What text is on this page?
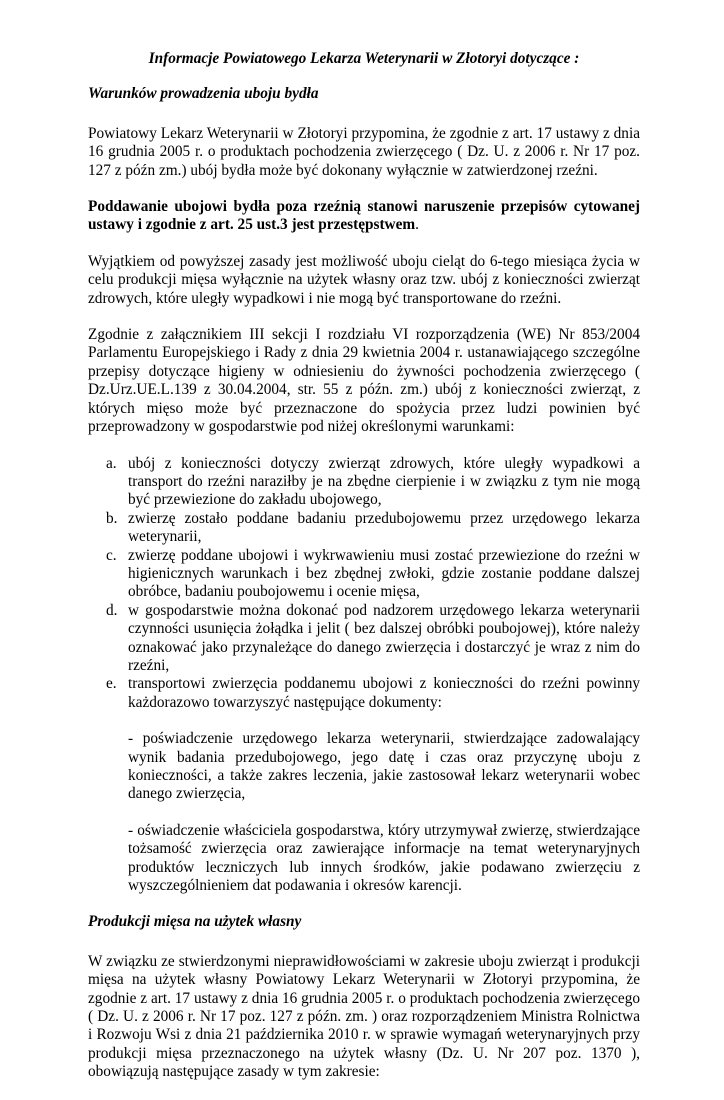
Informacje Powiatowego Lekarza Weterynarii w Złotoryi dotyczące :
Warunków prowadzenia uboju bydła

Powiatowy Lekarz Weterynarii w Złotoryi przypomina, że zgodnie z art. 17 ustawy z dnia 16 grudnia 2005 r. o produktach pochodzenia zwierzęcego ( Dz. U. z 2006 r. Nr 17 poz. 127 z późn zm.) ubój bydła może być dokonany wyłącznie w zatwierdzonej rzeźni.

Poddawanie ubojowi bydła poza rzeźnią stanowi naruszenie przepisów cytowanej ustawy i zgodnie z art. 25 ust.3 jest przestępstwem.

Wyjątkiem od powyższej zasady jest możliwość uboju cieląt do 6-tego miesiąca życia w celu produkcji mięsa wyłącznie na użytek własny oraz tzw. ubój z konieczności zwierząt zdrowych, które uległy wypadkowi i nie mogą być transportowane do rzeźni.

Zgodnie z załącznikiem III sekcji I rozdziału VI rozporządzenia (WE) Nr 853/2004 Parlamentu Europejskiego i Rady z dnia 29 kwietnia 2004 r. ustanawiającego szczególne przepisy dotyczące higieny w odniesieniu do żywności pochodzenia zwierzęcego ( Dz.Urz.UE.L.139 z 30.04.2004, str. 55 z późn. zm.) ubój z konieczności zwierząt, z których mięso może być przeznaczone do spożycia przez ludzi powinien być przeprowadzony w gospodarstwie pod niżej określonymi warunkami:

a. ubój z konieczności dotyczy zwierząt zdrowych, które uległy wypadkowi a transport do rzeźni naraziłby je na zbędne cierpienie i w związku z tym nie mogą być przewiezione do zakładu ubojowego,
b. zwierzę zostało poddane badaniu przedubojowemu przez urzędowego lekarza weterynarii,
c. zwierzę poddane ubojowi i wykrwawieniu musi zostać przewiezione do rzeźni w higienicznych warunkach i bez zbędnej zwłoki, gdzie zostanie poddane dalszej obróbce, badaniu poubojowemu i ocenie mięsa,
d. w gospodarstwie można dokonać pod nadzorem urzędowego lekarza weterynarii czynności usunięcia żołądka i jelit ( bez dalszej obróbki poubojowej), które należy oznakować jako przynależące do danego zwierzęcia i dostarczyć je wraz z nim do rzeźni,
e. transportowi zwierzęcia poddanemu ubojowi z konieczności do rzeźni powinny każdorazowo towarzyszyć następujące dokumenty:
- poświadczenie urzędowego lekarza weterynarii, stwierdzające zadowalający wynik badania przedubojowego, jego datę i czas oraz przyczynę uboju z konieczności, a także zakres leczenia, jakie zastosował lekarz weterynarii wobec danego zwierzęcia,
- oświadczenie właściciela gospodarstwa, który utrzymywał zwierzę, stwierdzające tożsamość zwierzęcia oraz zawierające informacje na temat weterynaryjnych produktów leczniczych lub innych środków, jakie podawano zwierzęciu z wyszczególnieniem dat podawania i okresów karencji.
Produkcji mięsa na użytek własny

W związku ze stwierdzonymi nieprawidłowościami w zakresie uboju zwierząt i produkcji mięsa na użytek własny Powiatowy Lekarz Weterynarii w Złotoryi przypomina, że zgodnie z art. 17 ustawy z dnia 16 grudnia 2005 r. o produktach pochodzenia zwierzęcego ( Dz. U. z 2006 r. Nr 17 poz. 127 z późn. zm. ) oraz rozporządzeniem Ministra Rolnictwa i Rozwoju Wsi z dnia 21 października 2010 r. w sprawie wymagań weterynaryjnych przy produkcji mięsa przeznaczonego na użytek własny (Dz. U. Nr 207 poz. 1370 ), obowiązują następujące zasady w tym zakresie:
